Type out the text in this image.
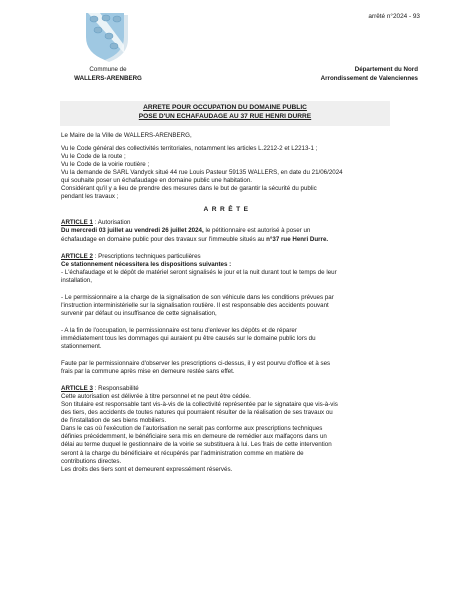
arrêté n°2024 - 93
Commune de
WALLERS-ARENBERG
Département du Nord
Arrondissement de Valenciennes
ARRETE POUR OCCUPATION DU DOMAINE PUBLIC
POSE D'UN ECHAFAUDAGE AU 37 RUE HENRI DURRE

Le Maire de la Ville de WALLERS-ARENBERG,

Vu le Code général des collectivités territoriales, notamment les articles L.2212-2 et L2213-1 ;

Vu le Code de la route ;

Vu le Code de la voirie routière ;

Vu la demande de SARL Vandyck situé 44 rue Louis Pasteur 59135 WALLERS, en date du 21/06/2024

qui souhaite poser un échafaudage en domaine public une habitation.

Considérant qu'il y a lieu de prendre des mesures dans le but de garantir la sécurité du public

pendant les travaux ;

ARRÊTE

ARTICLE 1 : Autorisation

Du mercredi 03 juillet au vendredi 26 juillet 2024, le pétitionnaire est autorisé à poser un

échafaudage en domaine public pour des travaux sur l'immeuble situés au n°37 rue Henri Durre.

ARTICLE 2 : Prescriptions techniques particulières

Ce stationnement nécessitera les dispositions suivantes :

- L'échafaudage et le dépôt de matériel seront signalisés le jour et la nuit durant tout le temps de leur

installation,

- Le permissionnaire a la charge de la signalisation de son véhicule dans les conditions prévues par

l'instruction interministérielle sur la signalisation routière. Il est responsable des accidents pouvant

survenir par défaut ou insuffisance de cette signalisation,

- A la fin de l'occupation, le permissionnaire est tenu d'enlever les dépôts et de réparer

immédiatement tous les dommages qui auraient pu être causés sur le domaine public lors du

stationnement.

Faute par le permissionnaire d'observer les prescriptions ci-dessus, il y est pourvu d'office et à ses

frais par la commune après mise en demeure restée sans effet.

ARTICLE 3 : Responsabilité

Cette autorisation est délivrée à titre personnel et ne peut être cédée.

Son titulaire est responsable tant vis-à-vis de la collectivité représentée par le signataire que vis-à-vis

des tiers, des accidents de toutes natures qui pourraient résulter de la réalisation de ses travaux ou

de l'installation de ses biens mobiliers.

Dans le cas où l'exécution de l'autorisation ne serait pas conforme aux prescriptions techniques

définies précédemment, le bénéficiaire sera mis en demeure de remédier aux malfaçons dans un

délai au terme duquel le gestionnaire de la voirie se substituera à lui. Les frais de cette intervention

seront à la charge du bénéficiaire et récupérés par l'administration comme en matière de

contributions directes.

Les droits des tiers sont et demeurent expressément réservés.
